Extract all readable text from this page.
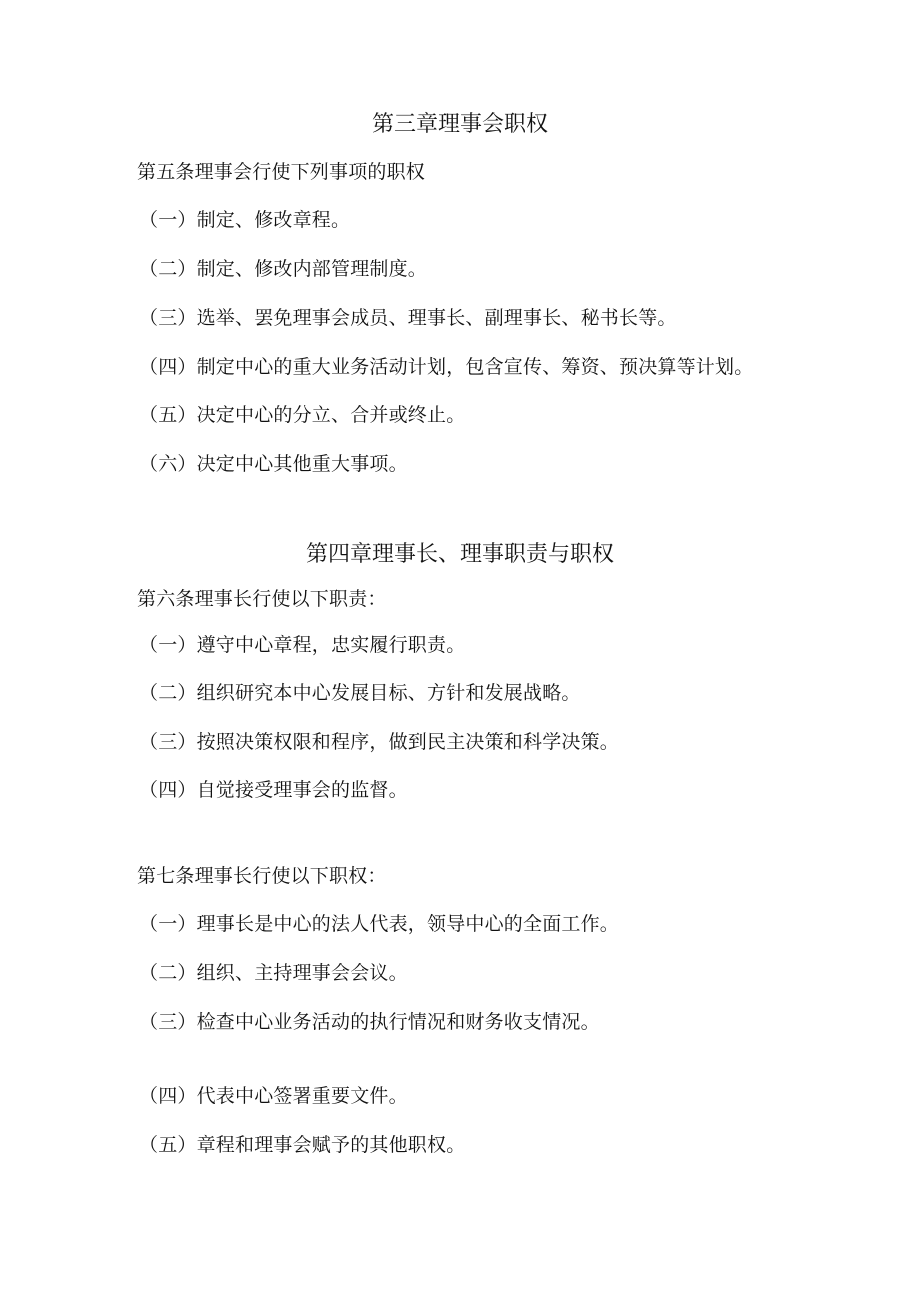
第三章理事会职权
第五条理事会行使下列事项的职权
（一）制定、修改章程。
（二）制定、修改内部管理制度。
（三）选举、罢免理事会成员、理事长、副理事长、秘书长等。
（四）制定中心的重大业务活动计划，包含宣传、筹资、预决算等计划。
（五）决定中心的分立、合并或终止。
（六）决定中心其他重大事项。
第四章理事长、理事职责与职权
第六条理事长行使以下职责：
（一）遵守中心章程，忠实履行职责。
（二）组织研究本中心发展目标、方针和发展战略。
（三）按照决策权限和程序，做到民主决策和科学决策。
（四）自觉接受理事会的监督。
第七条理事长行使以下职权：
（一）理事长是中心的法人代表，领导中心的全面工作。
（二）组织、主持理事会会议。
（三）检查中心业务活动的执行情况和财务收支情况。
（四）代表中心签署重要文件。
（五）章程和理事会赋予的其他职权。
